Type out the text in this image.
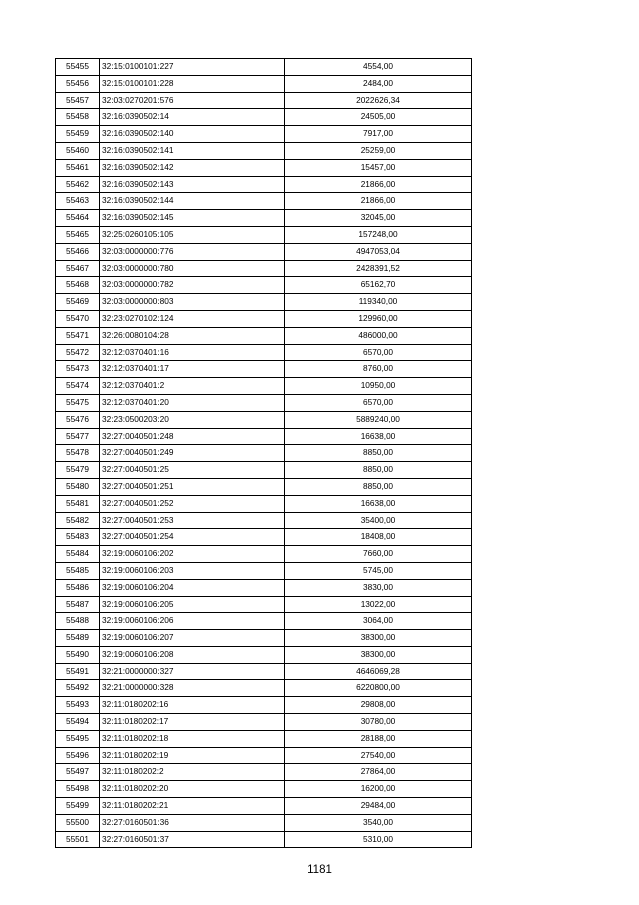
55455	32:15:0100101:227	4554,00
55456	32:15:0100101:228	2484,00
55457	32:03:0270201:576	2022626,34
55458	32:16:0390502:14	24505,00
55459	32:16:0390502:140	7917,00
55460	32:16:0390502:141	25259,00
55461	32:16:0390502:142	15457,00
55462	32:16:0390502:143	21866,00
55463	32:16:0390502:144	21866,00
55464	32:16:0390502:145	32045,00
55465	32:25:0260105:105	157248,00
55466	32:03:0000000:776	4947053,04
55467	32:03:0000000:780	2428391,52
55468	32:03:0000000:782	65162,70
55469	32:03:0000000:803	119340,00
55470	32:23:0270102:124	129960,00
55471	32:26:0080104:28	486000,00
55472	32:12:0370401:16	6570,00
55473	32:12:0370401:17	8760,00
55474	32:12:0370401:2	10950,00
55475	32:12:0370401:20	6570,00
55476	32:23:0500203:20	5889240,00
55477	32:27:0040501:248	16638,00
55478	32:27:0040501:249	8850,00
55479	32:27:0040501:25	8850,00
55480	32:27:0040501:251	8850,00
55481	32:27:0040501:252	16638,00
55482	32:27:0040501:253	35400,00
55483	32:27:0040501:254	18408,00
55484	32:19:0060106:202	7660,00
55485	32:19:0060106:203	5745,00
55486	32:19:0060106:204	3830,00
55487	32:19:0060106:205	13022,00
55488	32:19:0060106:206	3064,00
55489	32:19:0060106:207	38300,00
55490	32:19:0060106:208	38300,00
55491	32:21:0000000:327	4646069,28
55492	32:21:0000000:328	6220800,00
55493	32:11:0180202:16	29808,00
55494	32:11:0180202:17	30780,00
55495	32:11:0180202:18	28188,00
55496	32:11:0180202:19	27540,00
55497	32:11:0180202:2	27864,00
55498	32:11:0180202:20	16200,00
55499	32:11:0180202:21	29484,00
55500	32:27:0160501:36	3540,00
55501	32:27:0160501:37	5310,00
1181
